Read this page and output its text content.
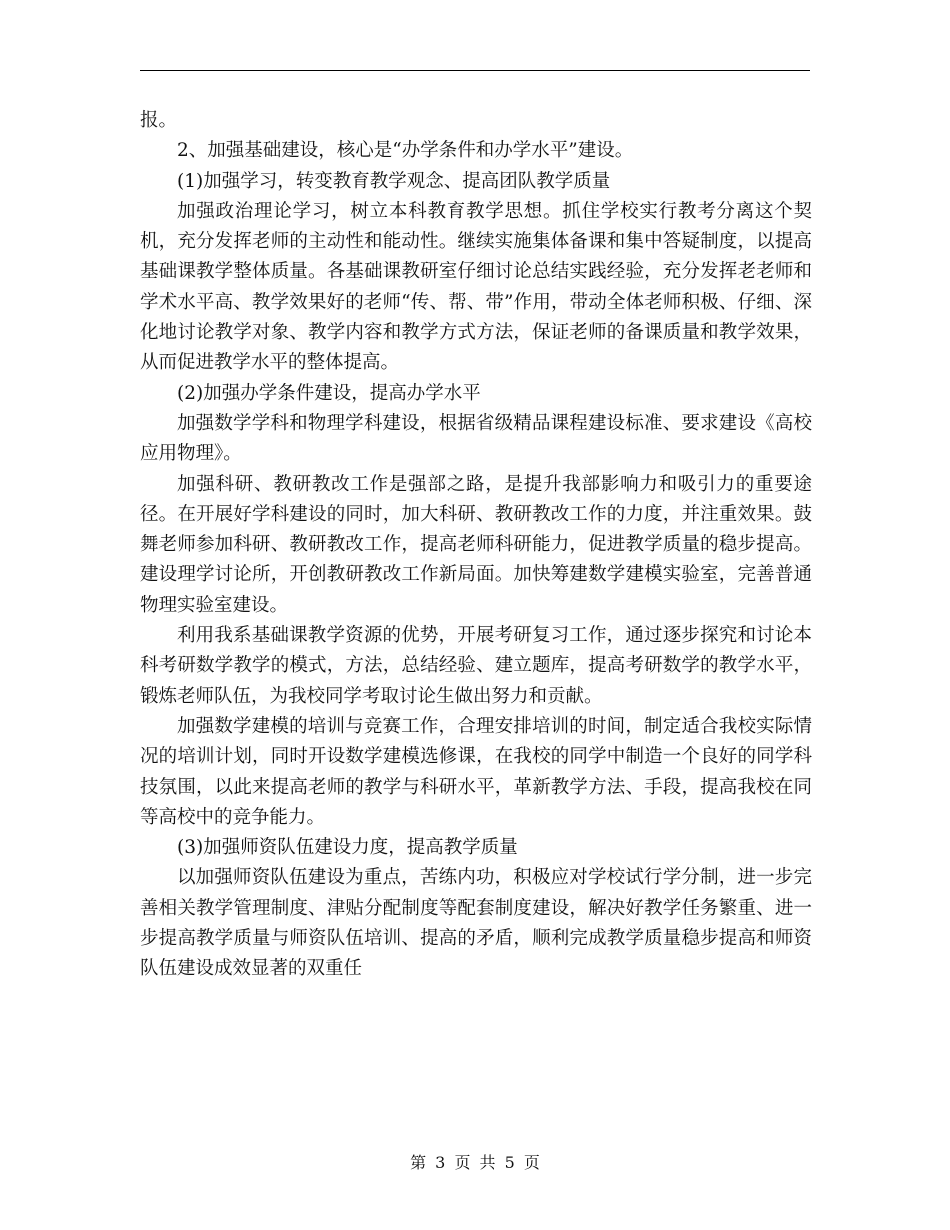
报。

2、加强基础建设，核心是“办学条件和办学水平”建设。

(1)加强学习，转变教育教学观念、提高团队教学质量

加强政治理论学习，树立本科教育教学思想。抓住学校实行教考分离这个契机，充分发挥老师的主动性和能动性。继续实施集体备课和集中答疑制度，以提高基础课教学整体质量。各基础课教研室仔细讨论总结实践经验，充分发挥老老师和学术水平高、教学效果好的老师“传、帮、带”作用，带动全体老师积极、仔细、深化地讨论教学对象、教学内容和教学方式方法，保证老师的备课质量和教学效果，从而促进教学水平的整体提高。

(2)加强办学条件建设，提高办学水平

加强数学学科和物理学科建设，根据省级精品课程建设标准、要求建设《高校应用物理》。

加强科研、教研教改工作是强部之路，是提升我部影响力和吸引力的重要途径。在开展好学科建设的同时，加大科研、教研教改工作的力度，并注重效果。鼓舞老师参加科研、教研教改工作，提高老师科研能力，促进教学质量的稳步提高。建设理学讨论所，开创教研教改工作新局面。加快筹建数学建模实验室，完善普通物理实验室建设。

利用我系基础课教学资源的优势，开展考研复习工作，通过逐步探究和讨论本科考研数学教学的模式，方法，总结经验、建立题库，提高考研数学的教学水平，锻炼老师队伍，为我校同学考取讨论生做出努力和贡献。

加强数学建模的培训与竞赛工作，合理安排培训的时间，制定适合我校实际情况的培训计划，同时开设数学建模选修课，在我校的同学中制造一个良好的同学科技氛围，以此来提高老师的教学与科研水平，革新教学方法、手段，提高我校在同等高校中的竞争能力。

(3)加强师资队伍建设力度，提高教学质量

以加强师资队伍建设为重点，苦练内功，积极应对学校试行学分制，进一步完善相关教学管理制度、津贴分配制度等配套制度建设，解决好教学任务繁重、进一步提高教学质量与师资队伍培训、提高的矛盾，顺利完成教学质量稳步提高和师资队伍建设成效显著的双重任

第 3 页 共 5 页
